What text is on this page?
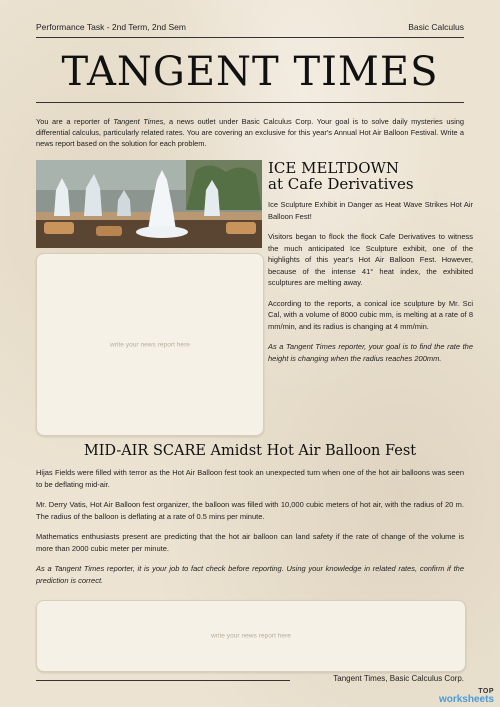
Performance Task - 2nd Term, 2nd Sem	Basic Calculus
TANGENT TIMES
You are a reporter of Tangent Times, a news outlet under Basic Calculus Corp. Your goal is to solve daily mysteries using differential calculus, particularly related rates. You are covering an exclusive for this year's Annual Hot Air Balloon Festival. Write a news report based on the solution for each problem.
write your news report here
ICE MELTDOWN
at Cafe Derivatives

Ice Sculpture Exhibit in Danger as Heat Wave Strikes Hot Air Balloon Fest!

Visitors began to flock the flock Cafe Derivatives to witness the much anticipated Ice Sculpture exhibit, one of the highlights of this year's Hot Air Balloon Fest. However, because of the intense 41° heat index, the exhibited sculptures are melting away.

According to the reports, a conical ice sculpture by Mr. Sci Cal, with a volume of 8000 cubic mm, is melting at a rate of 8 mm/min, and its radius is changing at 4 mm/min.

As a Tangent Times reporter, your goal is to find the rate the height is changing when the radius reaches 200mm.

MID-AIR SCARE Amidst Hot Air Balloon Fest

Hijas Fields were filled with terror as the Hot Air Balloon fest took an unexpected turn when one of the hot air balloons was seen to be deflating mid-air.

Mr. Derry Vatis, Hot Air Balloon fest organizer, the balloon was filled with 10,000 cubic meters of hot air, with the radius of 20 m. The radius of the balloon is deflating at a rate of 0.5 mins per minute.

Mathematics enthusiasts present are predicting that the hot air balloon can land safety if the rate of change of the volume is more than 2000 cubic meter per minute.

As a Tangent Times reporter, it is your job to fact check before reporting. Using your knowledge in related rates, confirm if the prediction is correct.

write your news report here
Tangent Times, Basic Calculus Corp.
TOP
worksheets
